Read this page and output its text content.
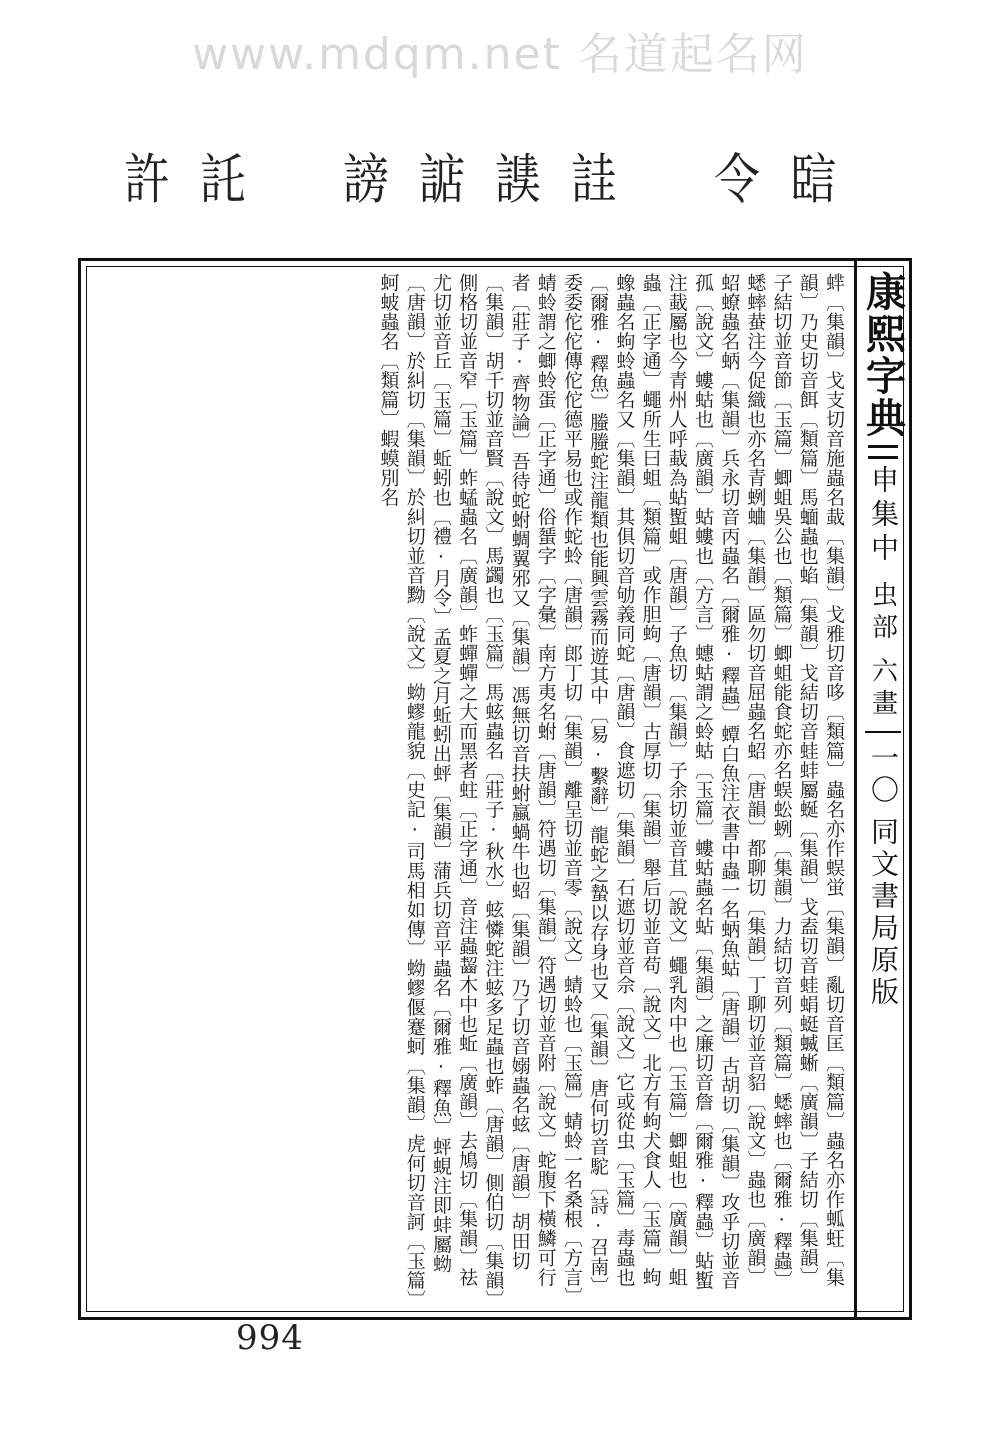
www.mdqm.net 名道起名网
䛗
令
詿
䜁
䛸
謗
託
許
康熙字典
申集中
虫部
六畫
一〇
同文書局原版
蝆〔集韻〕戈支切音施蟲名蛓〔集韻〕戈雅切音哆〔類篇〕蟲名亦作蜈蛍〔集韻〕亂切音匡〔類篇〕蟲名亦作蛌蚟〔集韻〕乃史切音餌〔類篇〕馬蝒蟲也蜭〔集韻〕戈結切音蛙蚌屬蜒〔集韻〕戈盍切音蛙蜎蜓蝛蜥〔廣韻〕子結切〔集韻〕子結切並音節〔玉篇〕蝍蛆吳公也〔類篇〕蝍蛆能食蛇亦名蜈蚣蛚〔集韻〕力結切音列〔類篇〕蟋蟀也〔爾雅·釋蟲〕蟋蟀蛬注今促織也亦名青蛚蛐〔集韻〕區勿切音屈蟲名蛁〔唐韻〕都聊切〔集韻〕丁聊切並音貂〔說文〕蟲也〔廣韻〕蛁蟟蟲名蛃〔集韻〕兵永切音丙蟲名〔爾雅·釋蟲〕蟫白魚注衣書中蟲一名蛃魚蛄〔唐韻〕古胡切〔集韻〕攻乎切並音孤〔說文〕螻蛄也〔廣韻〕蛄螻也〔方言〕蟪蛄謂之蛉蛄〔玉篇〕螻蛄蟲名蛅〔集韻〕之廉切音詹〔爾雅·釋蟲〕蛅蟴注蛓屬也今青州人呼蛓為蛅蟴蛆〔唐韻〕子魚切〔集韻〕子余切並音苴〔說文〕蠅乳肉中也〔玉篇〕蝍蛆也〔廣韻〕蛆蟲〔正字通〕蠅所生曰蛆〔類篇〕或作胆蚼〔唐韻〕古厚切〔集韻〕舉后切並音苟〔說文〕北方有蚼犬食人〔玉篇〕蚼蟓蟲名蚼蛉蟲名又〔集韻〕其俱切音劬義同蛇〔唐韻〕食遮切〔集韻〕石遮切並音佘〔說文〕它或從虫〔玉篇〕毒蟲也〔爾雅·釋魚〕螣螣蛇注龍類也能興雲霧而遊其中〔易·繫辭〕龍蛇之蟄以存身也又〔集韻〕唐何切音駝〔詩·召南〕委委佗佗傳佗佗德平易也或作蛇蛉〔唐韻〕郎丁切〔集韻〕離呈切並音零〔說文〕蜻蛉也〔玉篇〕蜻蛉一名桑根〔方言〕蜻蛉謂之蝍蛉蛋〔正字通〕俗蜑字〔字彙〕南方夷名蚹〔唐韻〕符遇切〔集韻〕符遇切並音附〔說文〕蛇腹下橫鱗可行者〔莊子·齊物論〕吾待蛇蚹蜩翼邪又〔集韻〕馮無切音扶蚹蠃蝸牛也蛁〔集韻〕乃了切音嫋蟲名蚿〔唐韻〕胡田切〔集韻〕胡千切並音賢〔說文〕馬蠲也〔玉篇〕馬蚿蟲名〔莊子·秋水〕蚿憐蛇注蚿多足蟲也蚱〔唐韻〕側伯切〔集韻〕側格切並音窄〔玉篇〕蚱蜢蟲名〔廣韻〕蚱蟬蟬之大而黑者蛀〔正字通〕音注蟲齧木中也蚯〔廣韻〕去鳩切〔集韻〕祛尤切並音丘〔玉篇〕蚯蚓也〔禮·月令〕孟夏之月蚯蚓出蚲〔集韻〕蒲兵切音平蟲名〔爾雅·釋魚〕蚲蜆注即蚌屬蚴〔唐韻〕於糾切〔集韻〕於糾切並音黝〔說文〕蚴蟉龍貌〔史記·司馬相如傳〕蚴蟉偃蹇蚵〔集韻〕虎何切音訶〔玉篇〕蚵蚾蟲名〔類篇〕蝦蟆別名
994
